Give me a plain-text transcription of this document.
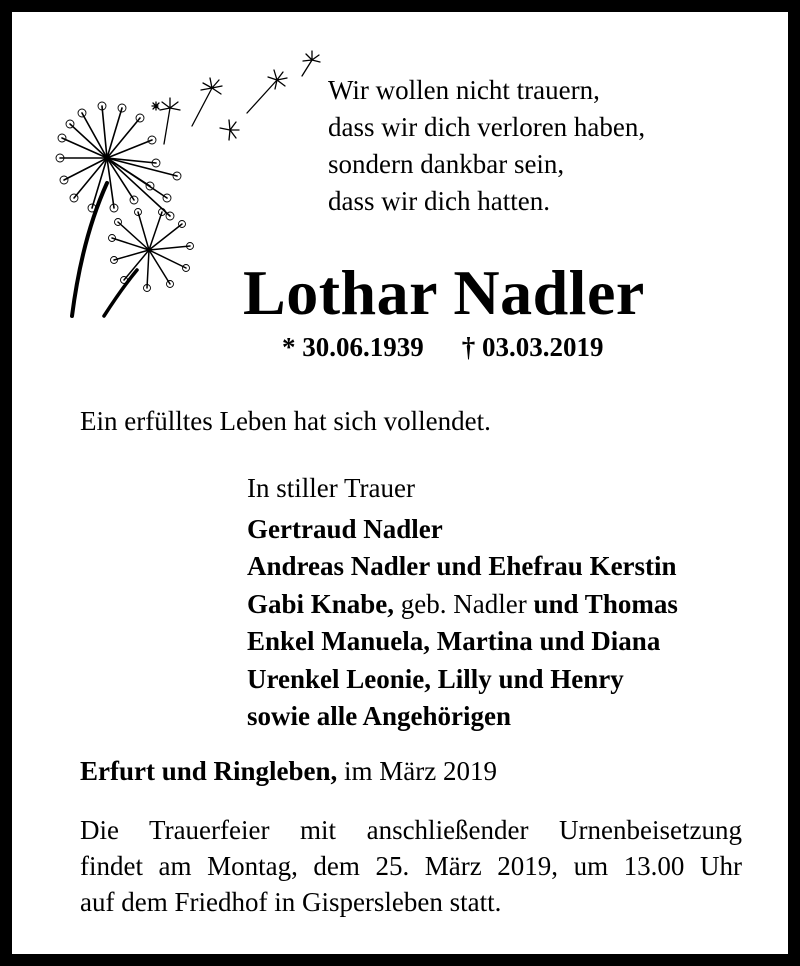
Wir wollen nicht trauern,
dass wir dich verloren haben,
sondern dankbar sein,
dass wir dich hatten.
Lothar Nadler
* 30.06.1939 † 03.03.2019
Ein erfülltes Leben hat sich vollendet.
In stiller Trauer
Gertraud Nadler
Andreas Nadler und Ehefrau Kerstin
Gabi Knabe, geb. Nadler und Thomas
Enkel Manuela, Martina und Diana
Urenkel Leonie, Lilly und Henry
sowie alle Angehörigen
Erfurt und Ringleben, im März 2019
Die Trauerfeier mit anschließender Urnenbeisetzung
findet am Montag, dem 25. März 2019, um 13.00 Uhr
auf dem Friedhof in Gispersleben statt.
